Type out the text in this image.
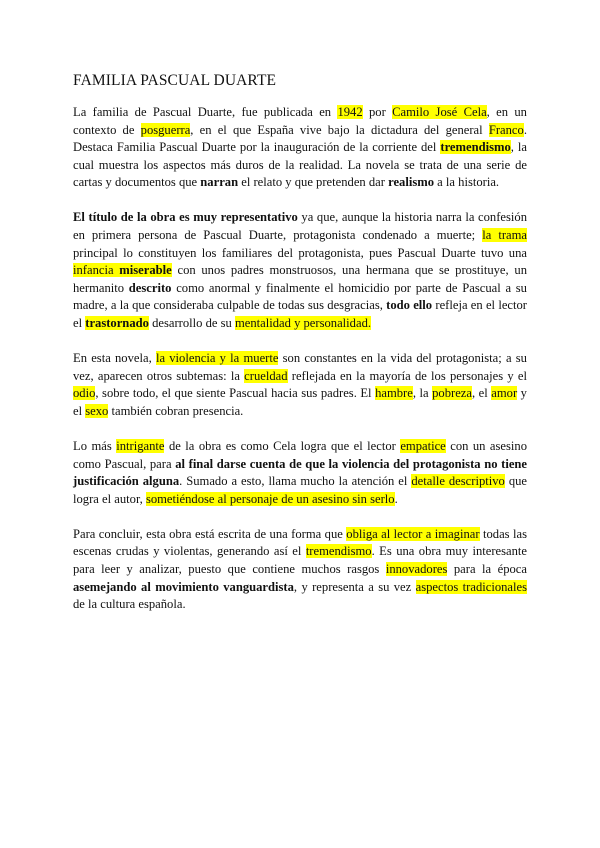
FAMILIA PASCUAL DUARTE

La familia de Pascual Duarte, fue publicada en 1942 por Camilo José Cela, en un contexto de posguerra, en el que España vive bajo la dictadura del general Franco. Destaca Familia Pascual Duarte por la inauguración de la corriente del tremendismo, la cual muestra los aspectos más duros de la realidad. La novela se trata de una serie de cartas y documentos que narran el relato y que pretenden dar realismo a la historia.

El título de la obra es muy representativo ya que, aunque la historia narra la confesión en primera persona de Pascual Duarte, protagonista condenado a muerte; la trama principal lo constituyen los familiares del protagonista, pues Pascual Duarte tuvo una infancia miserable con unos padres monstruosos, una hermana que se prostituye, un hermanito descrito como anormal y finalmente el homicidio por parte de Pascual a su madre, a la que consideraba culpable de todas sus desgracias, todo ello refleja en el lector el trastornado desarrollo de su mentalidad y personalidad.

En esta novela, la violencia y la muerte son constantes en la vida del protagonista; a su vez, aparecen otros subtemas: la crueldad reflejada en la mayoría de los personajes y el odio, sobre todo, el que siente Pascual hacia sus padres. El hambre, la pobreza, el amor y el sexo también cobran presencia.

Lo más intrigante de la obra es como Cela logra que el lector empatice con un asesino como Pascual, para al final darse cuenta de que la violencia del protagonista no tiene justificación alguna. Sumado a esto, llama mucho la atención el detalle descriptivo que logra el autor, sometiéndose al personaje de un asesino sin serlo.

Para concluir, esta obra está escrita de una forma que obliga al lector a imaginar todas las escenas crudas y violentas, generando así el tremendismo. Es una obra muy interesante para leer y analizar, puesto que contiene muchos rasgos innovadores para la época asemejando al movimiento vanguardista, y representa a su vez aspectos tradicionales de la cultura española.
